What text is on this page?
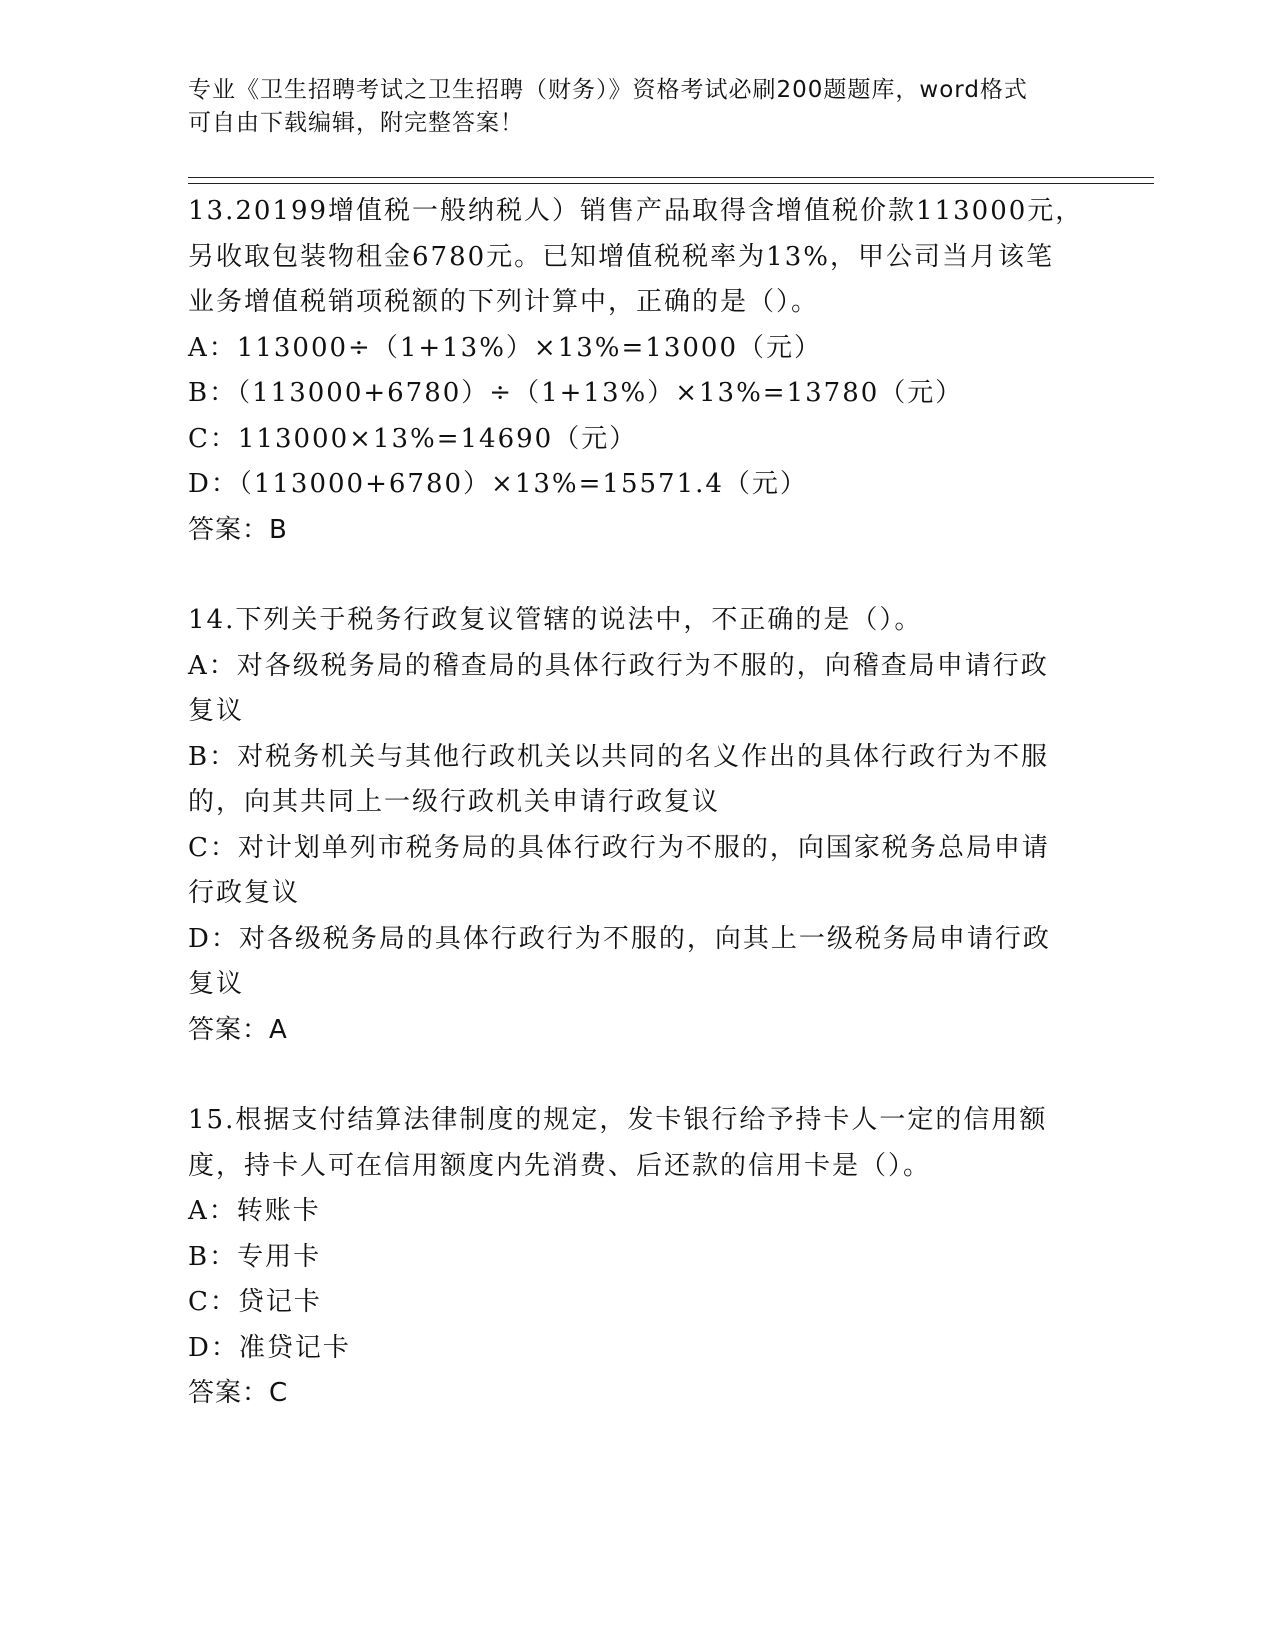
专业《卫生招聘考试之卫生招聘（财务）》资格考试必刷200题题库，word格式
可自由下载编辑，附完整答案！
13.20199增值税一般纳税人）销售产品取得含增值税价款113000元，
另收取包装物租金6780元。已知增值税税率为13%，甲公司当月该笔
业务增值税销项税额的下列计算中，正确的是（）。
A：113000÷（1+13%）×13%=13000（元）
B：（113000+6780）÷（1+13%）×13%=13780（元）
C：113000×13%=14690（元）
D：（113000+6780）×13%=15571.4（元）
答案：B
14.下列关于税务行政复议管辖的说法中，不正确的是（）。
A：对各级税务局的稽查局的具体行政行为不服的，向稽查局申请行政
复议
B：对税务机关与其他行政机关以共同的名义作出的具体行政行为不服
的，向其共同上一级行政机关申请行政复议
C：对计划单列市税务局的具体行政行为不服的，向国家税务总局申请
行政复议
D：对各级税务局的具体行政行为不服的，向其上一级税务局申请行政
复议
答案：A
15.根据支付结算法律制度的规定，发卡银行给予持卡人一定的信用额
度，持卡人可在信用额度内先消费、后还款的信用卡是（）。
A：转账卡
B：专用卡
C：贷记卡
D：准贷记卡
答案：C
